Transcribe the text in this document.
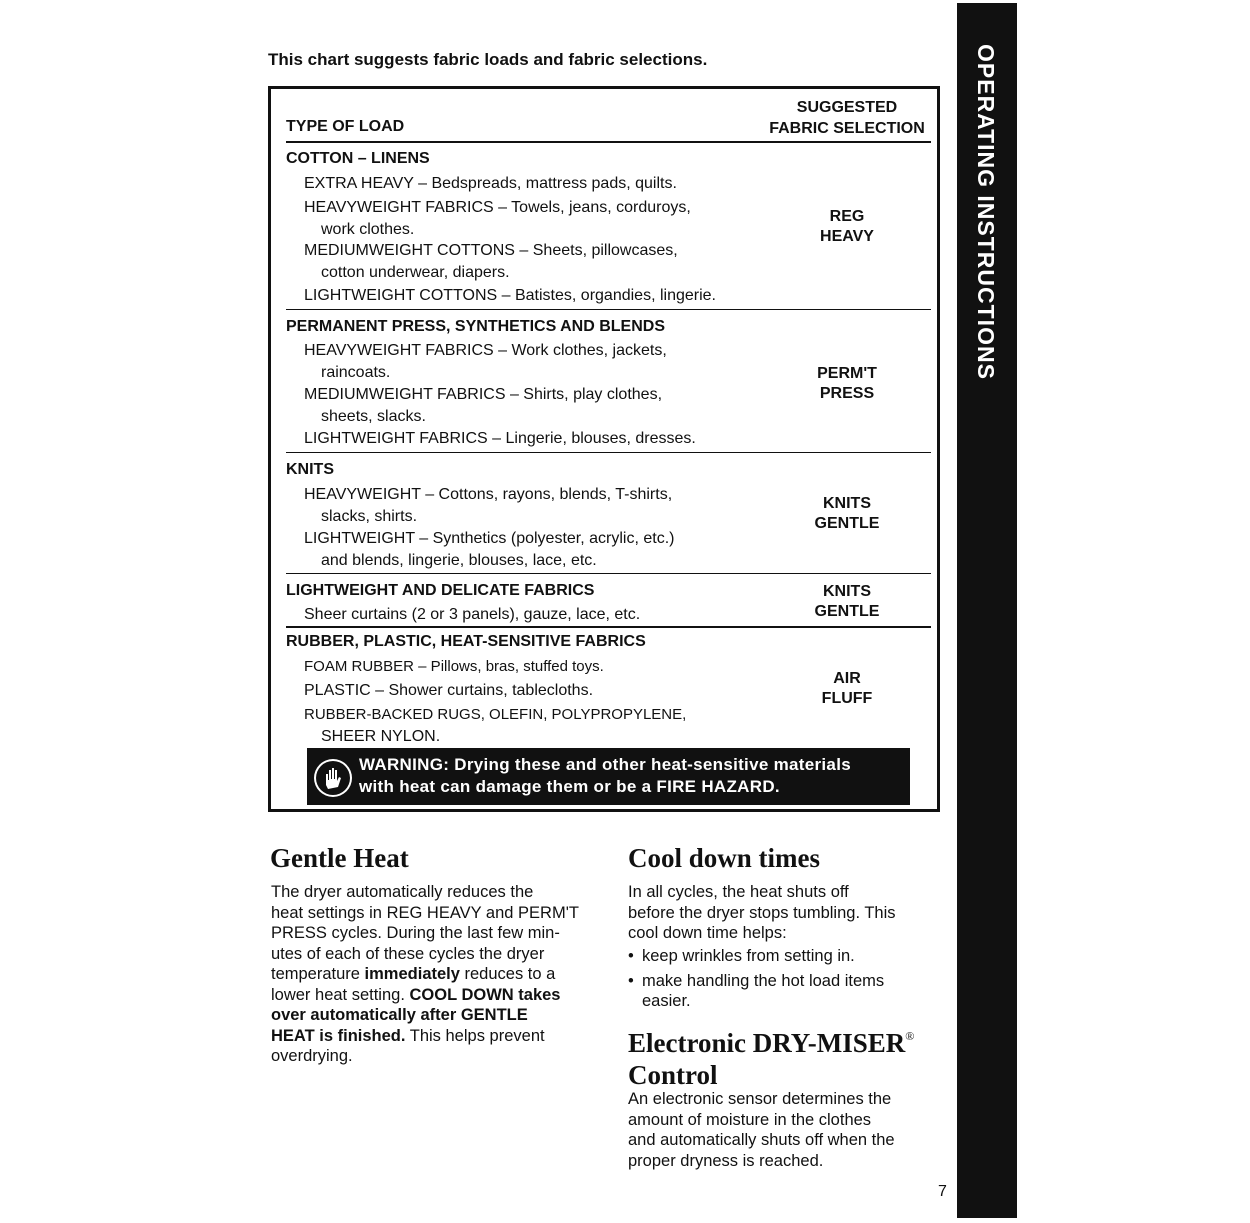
OPERATING INSTRUCTIONS
This chart suggests fabric loads and fabric selections.
TYPE OF LOAD
SUGGESTED
FABRIC SELECTION
COTTON – LINENS
EXTRA HEAVY – Bedspreads, mattress pads, quilts.
HEAVYWEIGHT FABRICS – Towels, jeans, corduroys,
work clothes.
MEDIUMWEIGHT COTTONS – Sheets, pillowcases,
cotton underwear, diapers.
LIGHTWEIGHT COTTONS – Batistes, organdies, lingerie.
REG
HEAVY
PERMANENT PRESS, SYNTHETICS AND BLENDS
HEAVYWEIGHT FABRICS – Work clothes, jackets,
raincoats.
MEDIUMWEIGHT FABRICS – Shirts, play clothes,
sheets, slacks.
LIGHTWEIGHT FABRICS – Lingerie, blouses, dresses.
PERM'T
PRESS
KNITS
HEAVYWEIGHT – Cottons, rayons, blends, T-shirts,
slacks, shirts.
LIGHTWEIGHT – Synthetics (polyester, acrylic, etc.)
and blends, lingerie, blouses, lace, etc.
KNITS
GENTLE
LIGHTWEIGHT AND DELICATE FABRICS
Sheer curtains (2 or 3 panels), gauze, lace, etc.
KNITS
GENTLE
RUBBER, PLASTIC, HEAT-SENSITIVE FABRICS
FOAM RUBBER – Pillows, bras, stuffed toys.
PLASTIC – Shower curtains, tablecloths.
RUBBER-BACKED RUGS, OLEFIN, POLYPROPYLENE,
SHEER NYLON.
AIR
FLUFF
WARNING: Drying these and other heat-sensitive materials
with heat can damage them or be a FIRE HAZARD.
Gentle Heat
The dryer automatically reduces the
heat settings in REG HEAVY and PERM'T
PRESS cycles. During the last few min-
utes of each of these cycles the dryer
temperature immediately reduces to a
lower heat setting. COOL DOWN takes
over automatically after GENTLE
HEAT is finished. This helps prevent
overdrying.
Cool down times
In all cycles, the heat shuts off
before the dryer stops tumbling. This
cool down time helps:
• keep wrinkles from setting in.
• make handling the hot load items
easier.
Electronic DRY-MISER®
Control
An electronic sensor determines the
amount of moisture in the clothes
and automatically shuts off when the
proper dryness is reached.
7
